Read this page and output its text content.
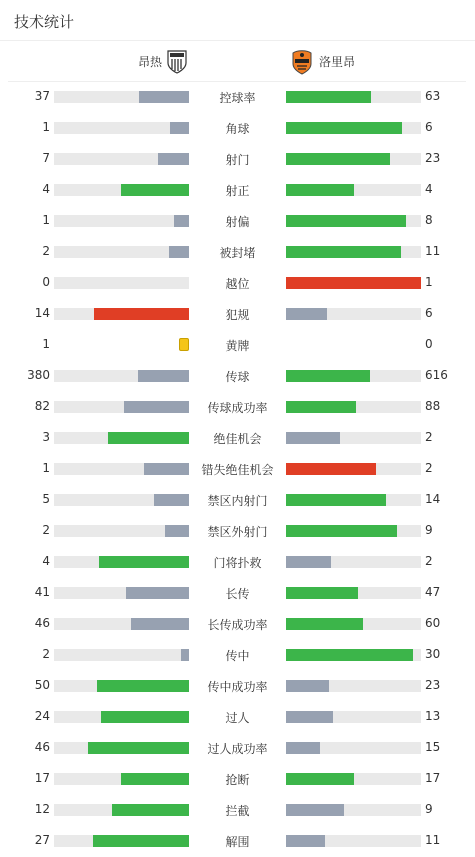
技术统计
昂热	洛里昂
37	控球率	63
1	角球	6
7	射门	23
4	射正	4
1	射偏	8
2	被封堵	11
0	越位	1
14	犯规	6
1	黄牌	0
380	传球	616
82	传球成功率	88
3	绝佳机会	2
1	错失绝佳机会	2
5	禁区内射门	14
2	禁区外射门	9
4	门将扑救	2
41	长传	47
46	长传成功率	60
2	传中	30
50	传中成功率	23
24	过人	13
46	过人成功率	15
17	抢断	17
12	拦截	9
27	解围	11
